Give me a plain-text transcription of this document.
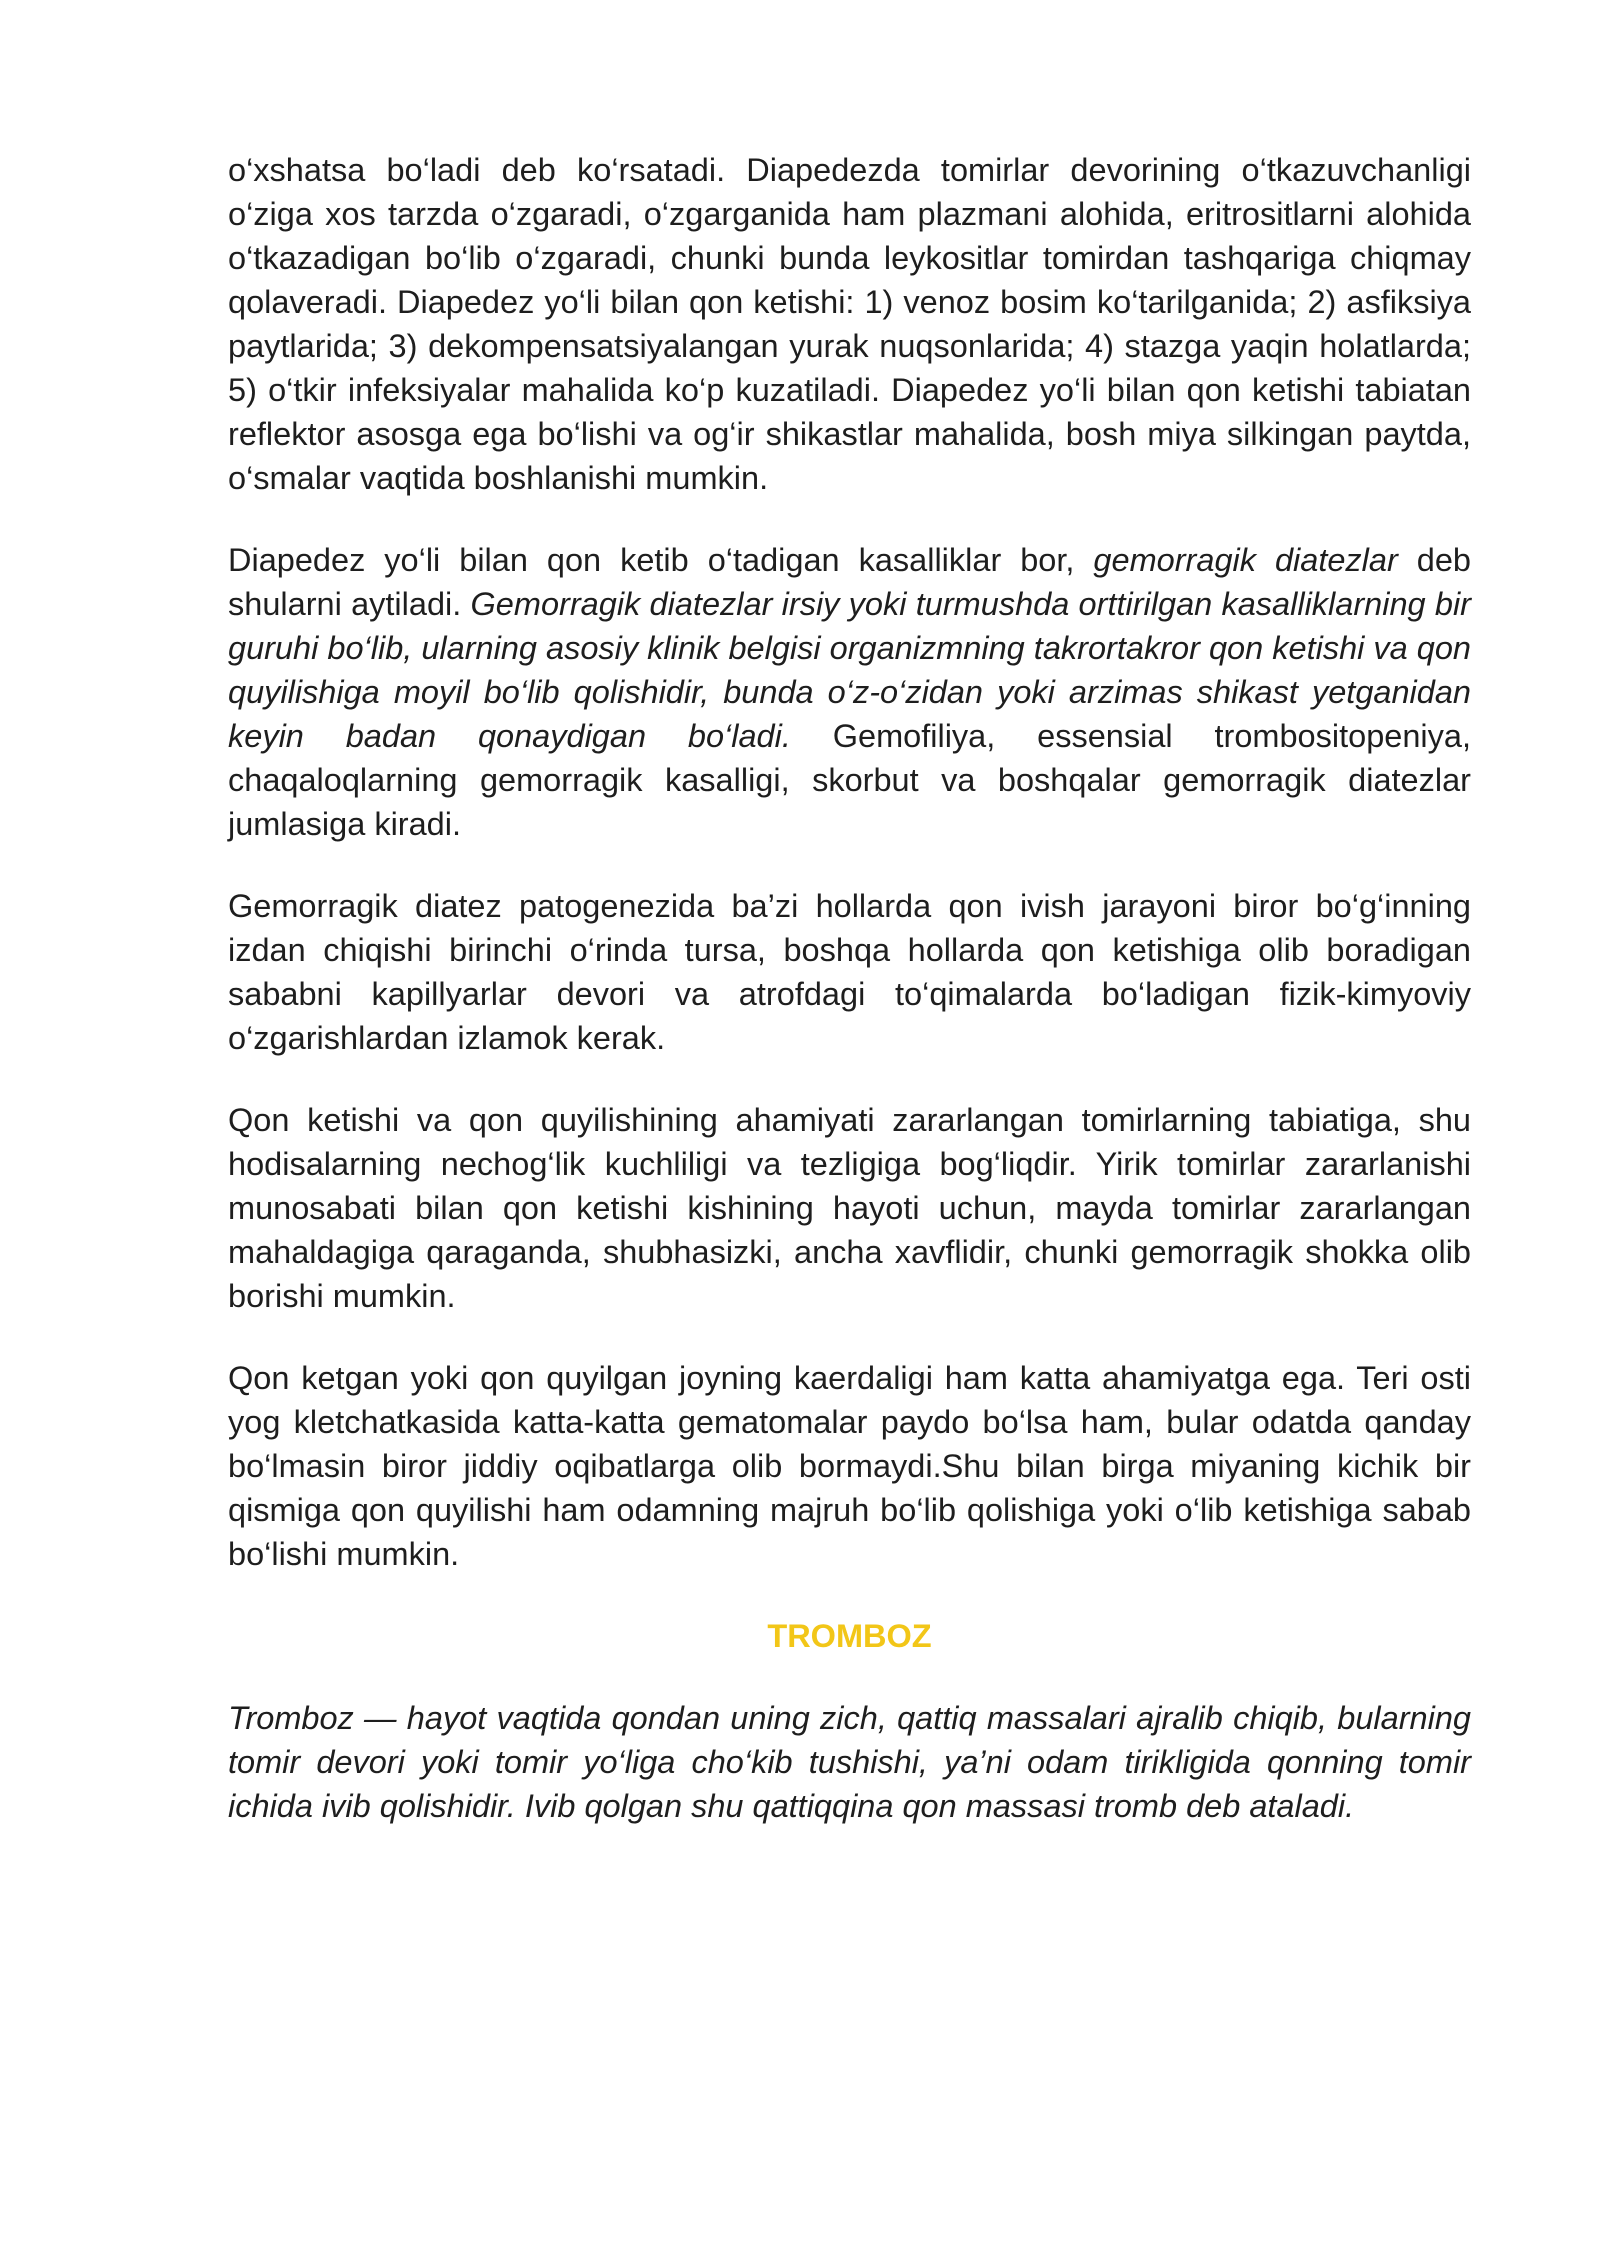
o‘xshatsa bo‘ladi deb ko‘rsatadi. Diapedezda tomirlar devorining o‘tkazuvchanligi o‘ziga xos tarzda o‘zgaradi, o‘zgarganida ham plazmani alohida, eritrositlarni alohida o‘tkazadigan bo‘lib o‘zgaradi, chunki bunda leykositlar tomirdan tashqariga chiqmay qolaveradi. Diapedez yo‘li bilan qon ketishi: 1) venoz bosim ko‘tarilganida; 2) asfiksiya paytlarida; 3) dekompensatsiyalangan yurak nuqsonlarida; 4) stazga yaqin holatlarda; 5) o‘tkir infeksiyalar mahalida ko‘p kuzatiladi. Diapedez yo‘li bilan qon ketishi tabiatan reflektor asosga ega bo‘lishi va og‘ir shikastlar mahalida, bosh miya silkingan paytda, o‘smalar vaqtida boshlanishi mumkin.

Diapedez yo‘li bilan qon ketib o‘tadigan kasalliklar bor, gemorragik diatezlar deb shularni aytiladi. Gemorragik diatezlar irsiy yoki turmushda orttirilgan kasalliklarning bir guruhi bo‘lib, ularning asosiy klinik belgisi organizmning takrortakror qon ketishi va qon quyilishiga moyil bo‘lib qolishidir, bunda o‘z-o‘zidan yoki arzimas shikast yetganidan keyin badan qonaydigan bo‘ladi. Gemofiliya, essensial trombositopeniya, chaqaloqlarning gemorragik kasalligi, skorbut va boshqalar gemorragik diatezlar jumlasiga kiradi.

Gemorragik diatez patogenezida ba’zi hollarda qon ivish jarayoni biror bo‘g‘inning izdan chiqishi birinchi o‘rinda tursa, boshqa hollarda qon ketishiga olib boradigan sababni kapillyarlar devori va atrofdagi to‘qimalarda bo‘ladigan fizik-kimyoviy o‘zgarishlardan izlamok kerak.

Qon ketishi va qon quyilishining ahamiyati zararlangan tomirlarning tabiatiga, shu hodisalarning nechog‘lik kuchliligi va tezligiga bog‘liqdir. Yirik tomirlar zararlanishi munosabati bilan qon ketishi kishining hayoti uchun, mayda tomirlar zararlangan mahaldagiga qaraganda, shubhasizki, ancha xavflidir, chunki gemorragik shokka olib borishi mumkin.

Qon ketgan yoki qon quyilgan joyning kaerdaligi ham katta ahamiyatga ega. Teri osti yog kletchatkasida katta-katta gematomalar paydo bo‘lsa ham, bular odatda qanday bo‘lmasin biror jiddiy oqibatlarga olib bormaydi.Shu bilan birga miyaning kichik bir qismiga qon quyilishi ham odamning majruh bo‘lib qolishiga yoki o‘lib ketishiga sabab bo‘lishi mumkin.

TROMBOZ

Tromboz — hayot vaqtida qondan uning zich, qattiq massalari ajralib chiqib, bularning tomir devori yoki tomir yo‘liga cho‘kib tushishi, ya’ni odam tirikligida qonning tomir ichida ivib qolishidir. Ivib qolgan shu qattiqqina qon massasi tromb deb ataladi.
